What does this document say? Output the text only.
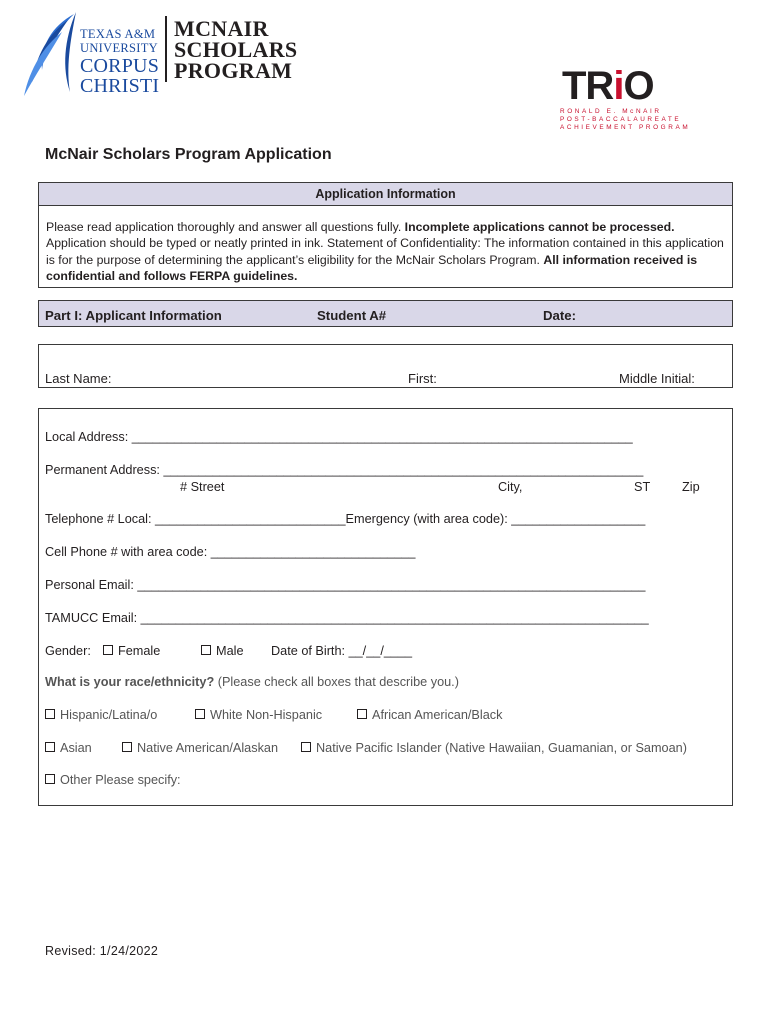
TEXAS A&M
UNIVERSITY
CORPUS
CHRISTI
MCNAIR
SCHOLARS
PROGRAM	TRiO
RONALD E. McNAIR
POST-BACCALAUREATE
ACHIEVEMENT PROGRAM
McNair Scholars Program Application
Application Information
Please read application thoroughly and answer all questions fully. Incomplete applications cannot be processed. Application should be typed or neatly printed in ink. Statement of Confidentiality: The information contained in this application is for the purpose of determining the applicant’s eligibility for the McNair Scholars Program. All information received is confidential and follows FERPA guidelines.
Part I: Applicant Information	Student A#	Date:
Last Name:	First:	Middle Initial:
Local Address: _______________________________________________________________________
Permanent Address: ____________________________________________________________________
# Street	City,	ST	Zip
Telephone # Local: ___________________________Emergency (with area code): ___________________
Cell Phone # with area code: _____________________________
Personal Email: ________________________________________________________________________
TAMUCC Email: ________________________________________________________________________
Gender:	Female	Male Date of Birth: __/__/____
What is your race/ethnicity? (Please check all boxes that describe you.)
Hispanic/Latina/o	White Non-Hispanic	African American/Black
Asian	Native American/Alaskan	Native Pacific Islander (Native Hawaiian, Guamanian, or Samoan)
Other Please specify:
Revised: 1/24/2022
